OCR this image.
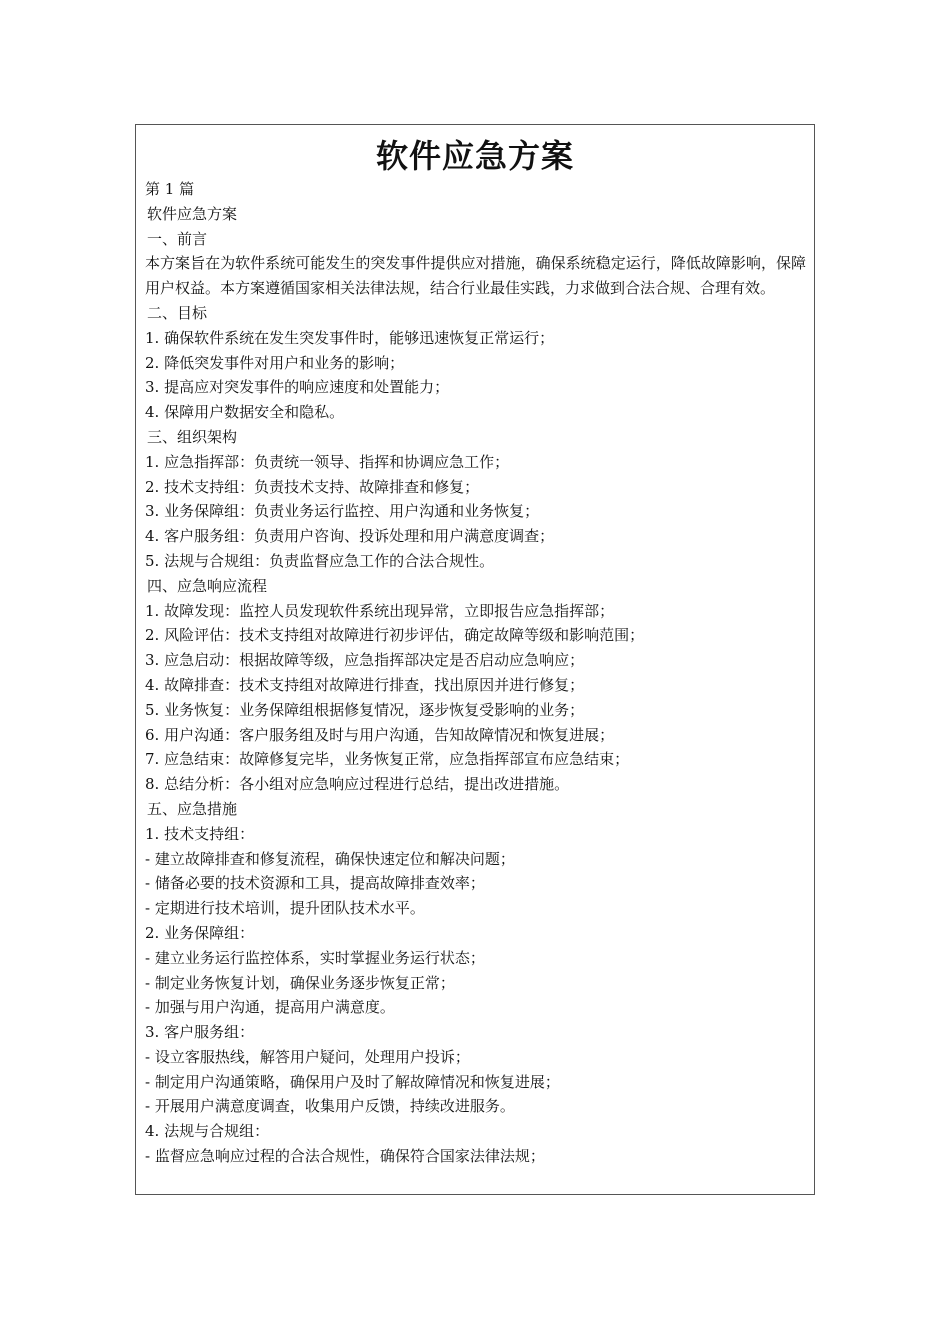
软件应急方案
第 1 篇
软件应急方案
一、前言
本方案旨在为软件系统可能发生的突发事件提供应对措施，确保系统稳定运行，降低故障影响，保障用户权益。本方案遵循国家相关法律法规，结合行业最佳实践，力求做到合法合规、合理有效。
二、目标
1. 确保软件系统在发生突发事件时，能够迅速恢复正常运行；
2. 降低突发事件对用户和业务的影响；
3. 提高应对突发事件的响应速度和处置能力；
4. 保障用户数据安全和隐私。
三、组织架构
1. 应急指挥部：负责统一领导、指挥和协调应急工作；
2. 技术支持组：负责技术支持、故障排查和修复；
3. 业务保障组：负责业务运行监控、用户沟通和业务恢复；
4. 客户服务组：负责用户咨询、投诉处理和用户满意度调查；
5. 法规与合规组：负责监督应急工作的合法合规性。
四、应急响应流程
1. 故障发现：监控人员发现软件系统出现异常，立即报告应急指挥部；
2. 风险评估：技术支持组对故障进行初步评估，确定故障等级和影响范围；
3. 应急启动：根据故障等级，应急指挥部决定是否启动应急响应；
4. 故障排查：技术支持组对故障进行排查，找出原因并进行修复；
5. 业务恢复：业务保障组根据修复情况，逐步恢复受影响的业务；
6. 用户沟通：客户服务组及时与用户沟通，告知故障情况和恢复进展；
7. 应急结束：故障修复完毕，业务恢复正常，应急指挥部宣布应急结束；
8. 总结分析：各小组对应急响应过程进行总结，提出改进措施。
五、应急措施
1. 技术支持组：
- 建立故障排查和修复流程，确保快速定位和解决问题；
- 储备必要的技术资源和工具，提高故障排查效率；
- 定期进行技术培训，提升团队技术水平。
2. 业务保障组：
- 建立业务运行监控体系，实时掌握业务运行状态；
- 制定业务恢复计划，确保业务逐步恢复正常；
- 加强与用户沟通，提高用户满意度。
3. 客户服务组：
- 设立客服热线，解答用户疑问，处理用户投诉；
- 制定用户沟通策略，确保用户及时了解故障情况和恢复进展；
- 开展用户满意度调查，收集用户反馈，持续改进服务。
4. 法规与合规组：
- 监督应急响应过程的合法合规性，确保符合国家法律法规；
